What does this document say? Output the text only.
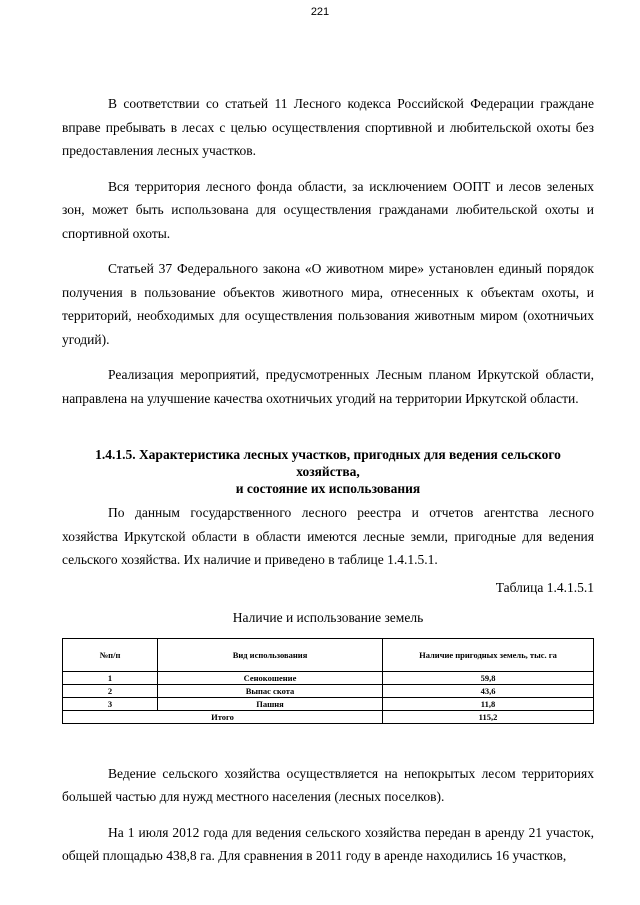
221

В соответствии со статьей 11 Лесного кодекса Российской Федерации граждане вправе пребывать в лесах с целью осуществления спортивной и любительской охоты без предоставления лесных участков.

Вся территория лесного фонда области, за исключением ООПТ и лесов зеленых зон, может быть использована для осуществления гражданами любительской охоты и спортивной охоты.

Статьей 37 Федерального закона «О животном мире» установлен единый порядок получения в пользование объектов животного мира, отнесенных к объектам охоты, и территорий, необходимых для осуществления пользования животным миром (охотничьих угодий).

Реализация мероприятий, предусмотренных Лесным планом Иркутской области, направлена на улучшение качества охотничьих угодий на территории Иркутской области.

1.4.1.5. Характеристика лесных участков, пригодных для ведения сельского хозяйства,
и состояние их использования

По данным государственного лесного реестра и отчетов агентства лесного хозяйства Иркутской области в области имеются лесные земли, пригодные для ведения сельского хозяйства. Их наличие и приведено в таблице 1.4.1.5.1.

Таблица 1.4.1.5.1

Наличие и использование земель

№п/п	Вид использования	Наличие пригодных земель, тыс. га
1	Сенокошение	59,8
2	Выпас скота	43,6
3	Пашня	11,8
Итого		115,2

Ведение сельского хозяйства осуществляется на непокрытых лесом территориях большей частью для нужд местного населения (лесных поселков).

На 1 июля 2012 года для ведения сельского хозяйства передан в аренду 21 участок, общей площадью 438,8 га. Для сравнения в 2011 году в аренде находились 16 участков,
